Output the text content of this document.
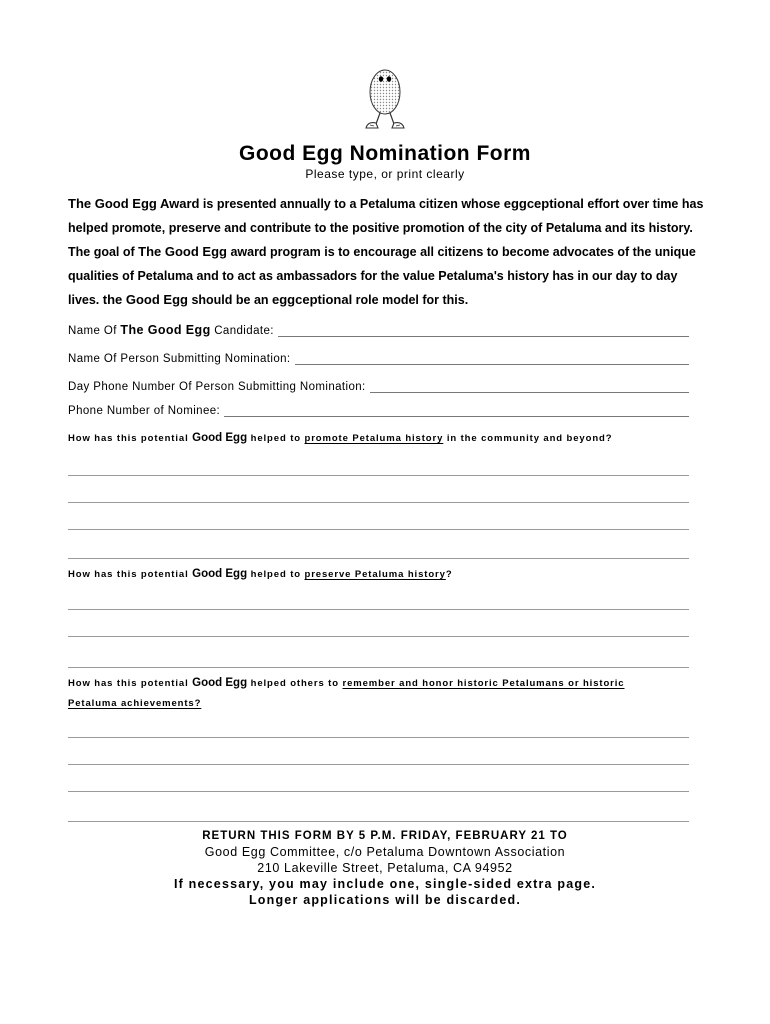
Good Egg Nomination Form
Please type, or print clearly
The Good Egg Award is presented annually to a Petaluma citizen whose eggceptional effort over time has helped promote, preserve and contribute to the positive promotion of the city of Petaluma and its history. The goal of The Good Egg award program is to encourage all citizens to become advocates of the unique qualities of Petaluma and to act as ambassadors for the value Petaluma's history has in our day to day lives. the Good Egg should be an eggceptional role model for this.
Name Of The Good Egg Candidate:
Name Of Person Submitting Nomination:
Day Phone Number Of Person Submitting Nomination:
Phone Number of Nominee:
How has this potential Good Egg helped to promote Petaluma history in the community and beyond?
How has this potential Good Egg helped to preserve Petaluma history?
How has this potential Good Egg helped others to remember and honor historic Petalumans or historic Petaluma achievements?
RETURN THIS FORM BY 5 P.M. FRIDAY, FEBRUARY 21 TO
Good Egg Committee, c/o Petaluma Downtown Association
210 Lakeville Street, Petaluma, CA 94952
If necessary, you may include one, single-sided extra page.
Longer applications will be discarded.
